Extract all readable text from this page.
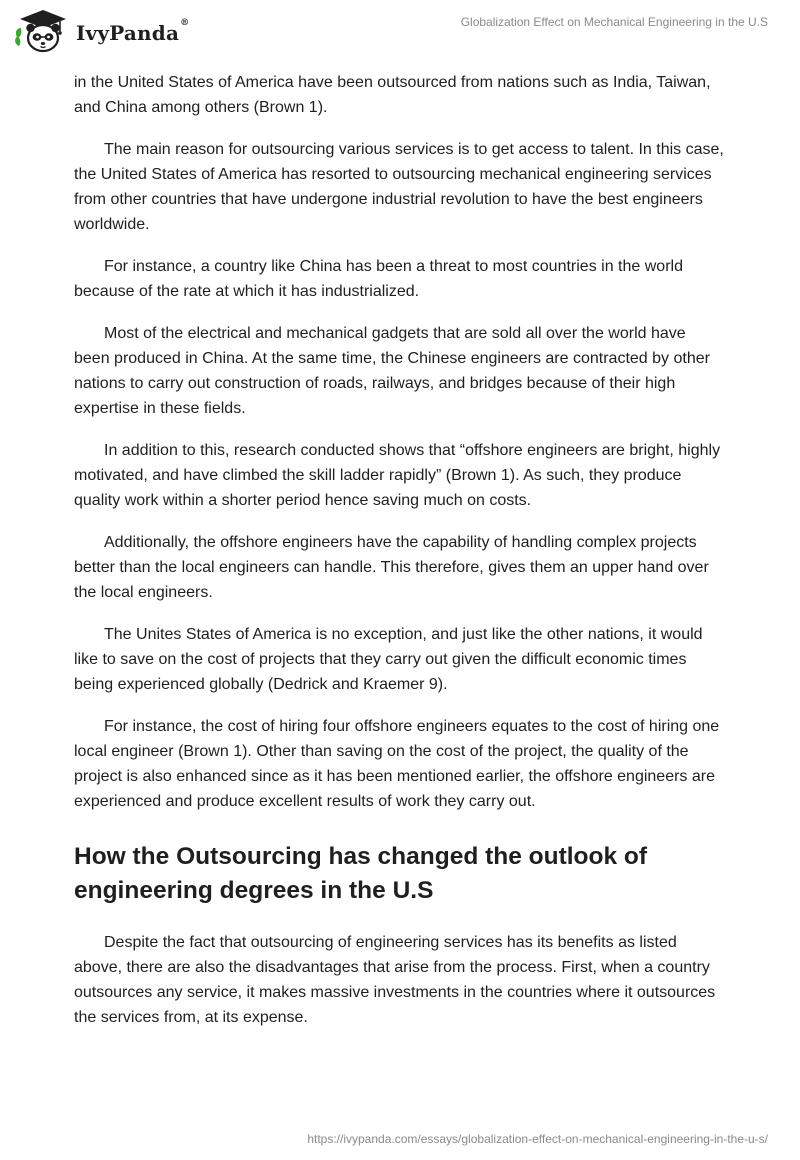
IvyPanda®	Globalization Effect on Mechanical Engineering in the U.S

in the United States of America have been outsourced from nations such as India, Taiwan, and China among others (Brown 1).

The main reason for outsourcing various services is to get access to talent. In this case, the United States of America has resorted to outsourcing mechanical engineering services from other countries that have undergone industrial revolution to have the best engineers worldwide.

For instance, a country like China has been a threat to most countries in the world because of the rate at which it has industrialized.

Most of the electrical and mechanical gadgets that are sold all over the world have been produced in China. At the same time, the Chinese engineers are contracted by other nations to carry out construction of roads, railways, and bridges because of their high expertise in these fields.

In addition to this, research conducted shows that “offshore engineers are bright, highly motivated, and have climbed the skill ladder rapidly” (Brown 1). As such, they produce quality work within a shorter period hence saving much on costs.

Additionally, the offshore engineers have the capability of handling complex projects better than the local engineers can handle. This therefore, gives them an upper hand over the local engineers.

The Unites States of America is no exception, and just like the other nations, it would like to save on the cost of projects that they carry out given the difficult economic times being experienced globally (Dedrick and Kraemer 9).

For instance, the cost of hiring four offshore engineers equates to the cost of hiring one local engineer (Brown 1). Other than saving on the cost of the project, the quality of the project is also enhanced since as it has been mentioned earlier, the offshore engineers are experienced and produce excellent results of work they carry out.

How the Outsourcing has changed the outlook of engineering degrees in the U.S

Despite the fact that outsourcing of engineering services has its benefits as listed above, there are also the disadvantages that arise from the process. First, when a country outsources any service, it makes massive investments in the countries where it outsources the services from, at its expense.

https://ivypanda.com/essays/globalization-effect-on-mechanical-engineering-in-the-u-s/
